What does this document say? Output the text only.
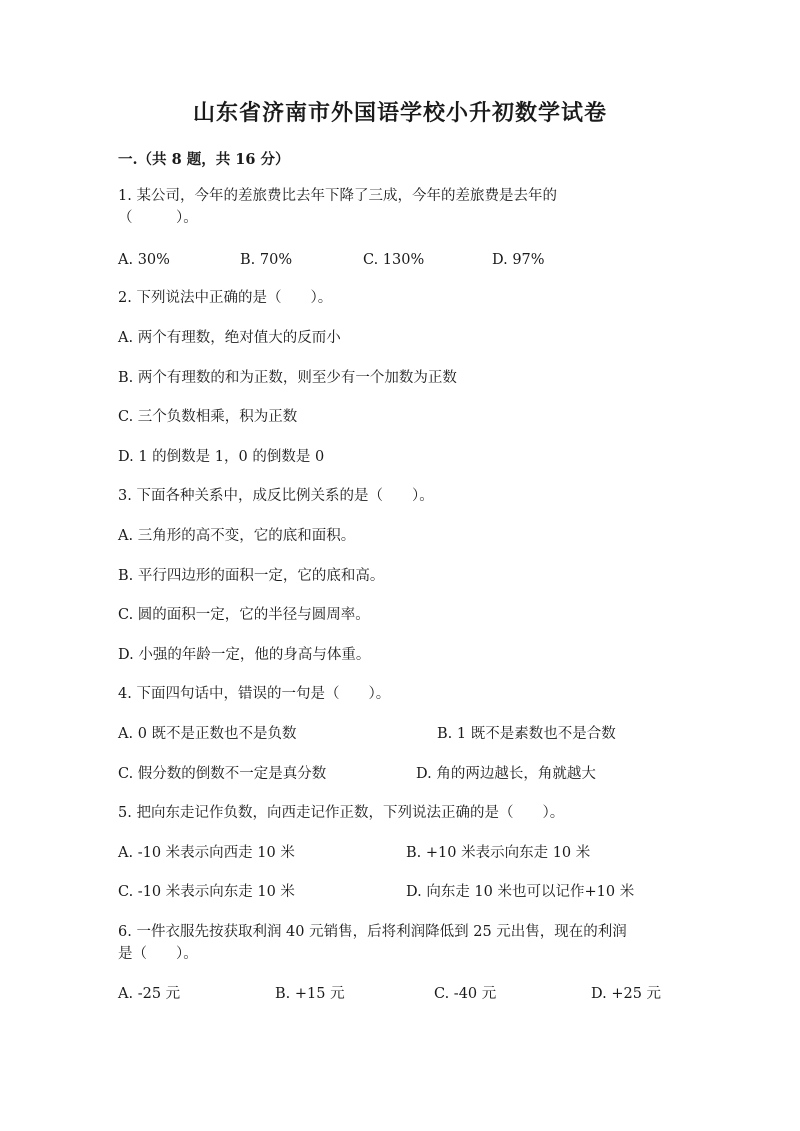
山东省济南市外国语学校小升初数学试卷
一.（共 8 题，共 16 分）
1. 某公司，今年的差旅费比去年下降了三成，今年的差旅费是去年的
（　　　）。
A. 30%	B. 70%	C. 130%	D. 97%
2. 下列说法中正确的是（　　）。
A. 两个有理数，绝对值大的反而小
B. 两个有理数的和为正数，则至少有一个加数为正数
C. 三个负数相乘，积为正数
D. 1 的倒数是 1，0 的倒数是 0
3. 下面各种关系中，成反比例关系的是（　　）。
A. 三角形的高不变，它的底和面积。
B. 平行四边形的面积一定，它的底和高。
C. 圆的面积一定，它的半径与圆周率。
D. 小强的年龄一定，他的身高与体重。
4. 下面四句话中，错误的一句是（　　）。
A. 0 既不是正数也不是负数	B. 1 既不是素数也不是合数
C. 假分数的倒数不一定是真分数	D. 角的两边越长，角就越大
5. 把向东走记作负数，向西走记作正数，下列说法正确的是（　　）。
A. -10 米表示向西走 10 米	B. +10 米表示向东走 10 米
C. -10 米表示向东走 10 米	D. 向东走 10 米也可以记作+10 米
6. 一件衣服先按获取利润 40 元销售，后将利润降低到 25 元出售，现在的利润
是（　　）。
A. -25 元	B. +15 元	C. -40 元	D. +25 元
